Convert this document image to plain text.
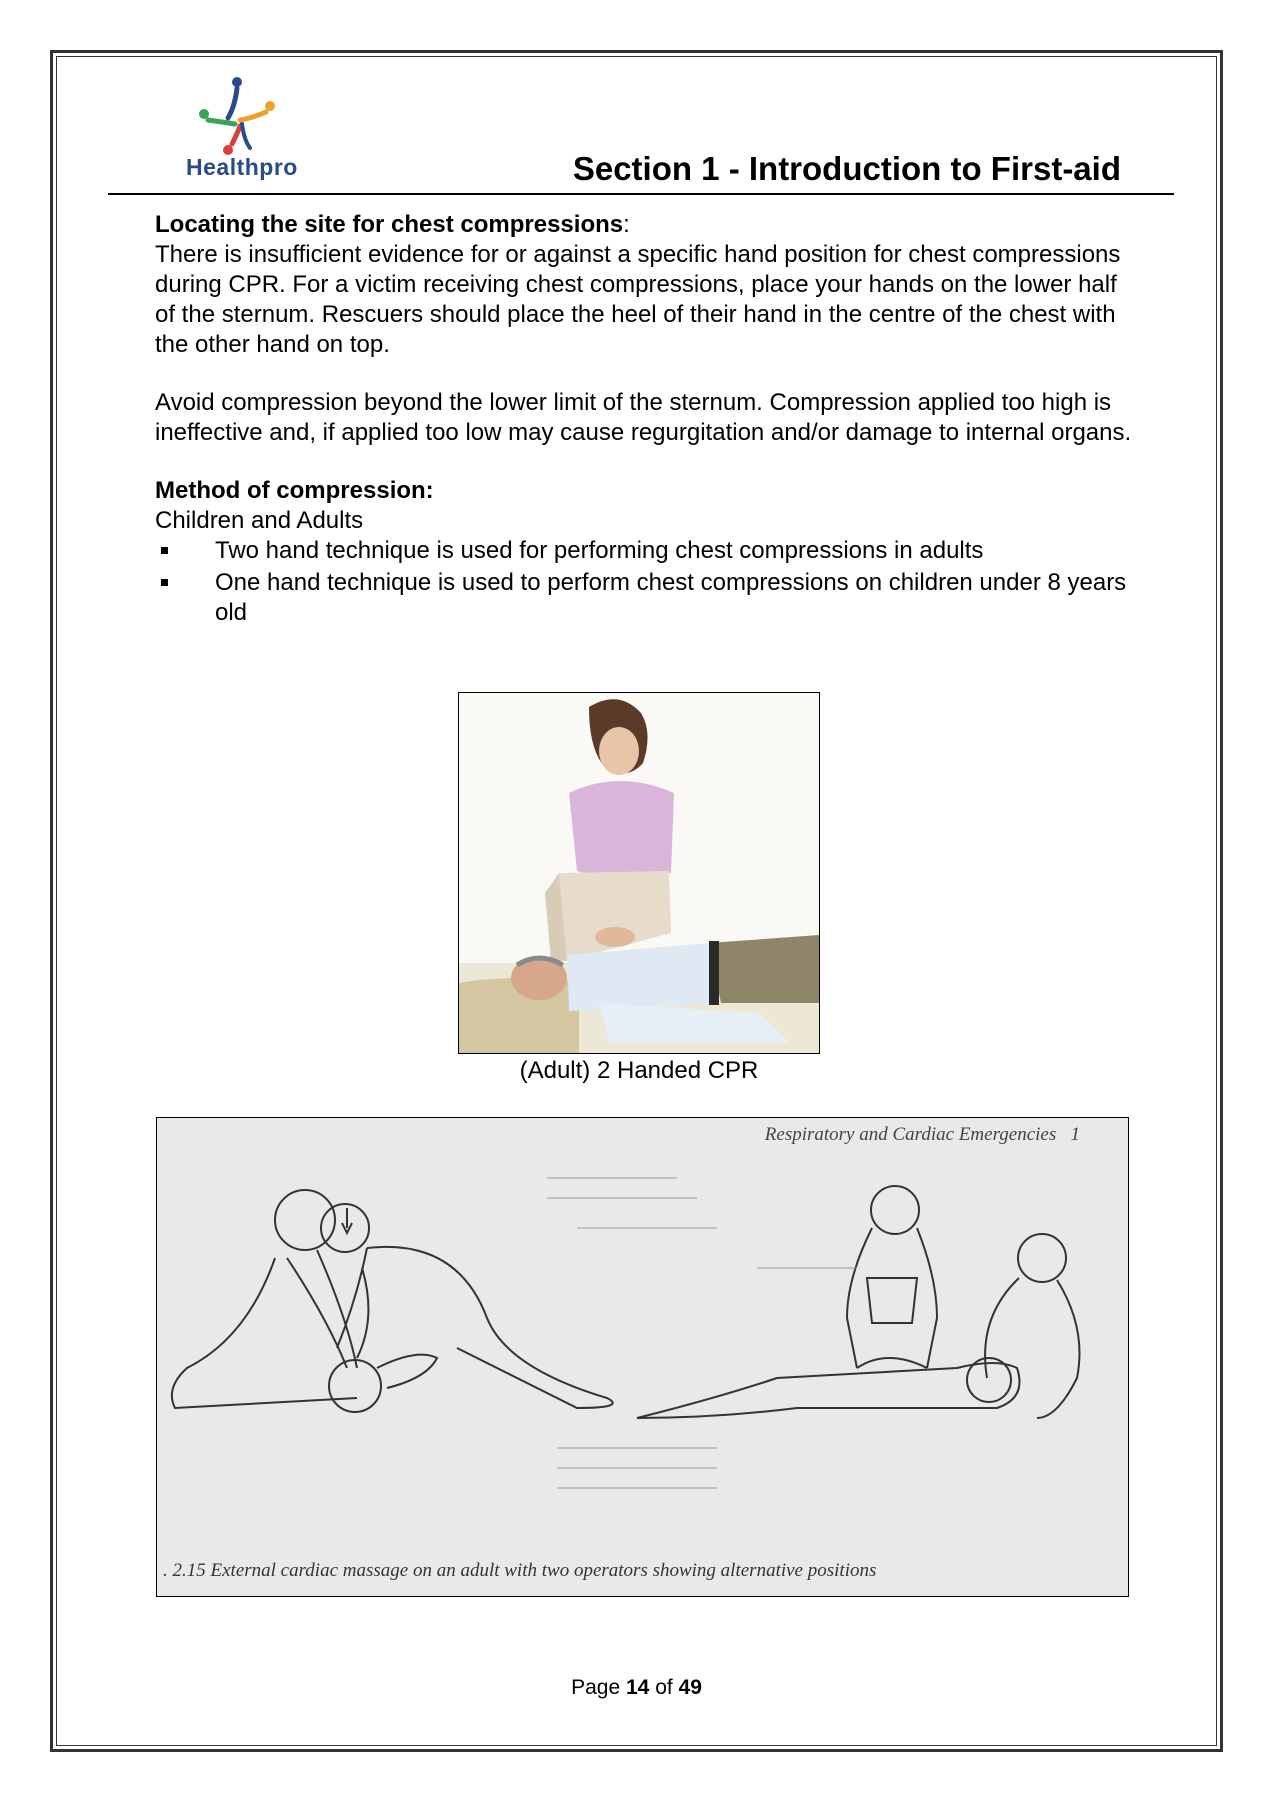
Healthpro	Section 1 - Introduction to First-aid

Locating the site for chest compressions:

There is insufficient evidence for or against a specific hand position for chest compressions during CPR. For a victim receiving chest compressions, place your hands on the lower half of the sternum. Rescuers should place the heel of their hand in the centre of the chest with the other hand on top.

Avoid compression beyond the lower limit of the sternum. Compression applied too high is ineffective and, if applied too low may cause regurgitation and/or damage to internal organs.

Method of compression:

Children and Adults

Two hand technique is used for performing chest compressions in adults
One hand technique is used to perform chest compressions on children under 8 years old
(Adult) 2 Handed CPR
Respiratory and Cardiac Emergencies 1
. 2.15 External cardiac massage on an adult with two operators showing alternative positions
Page 14 of 49
